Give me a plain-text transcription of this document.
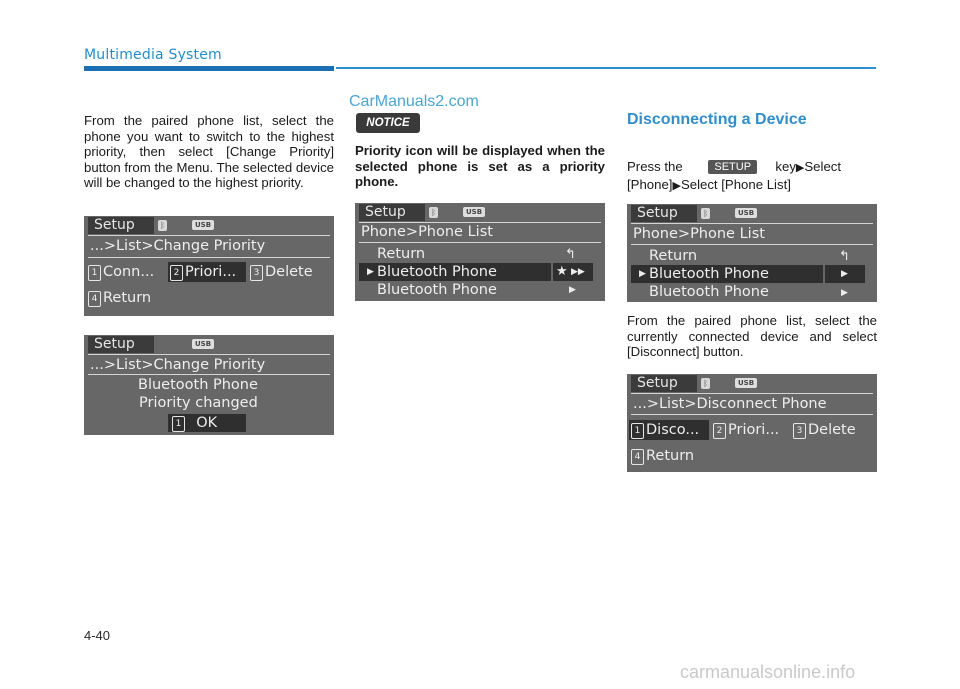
Multimedia System
CarManuals2.com
From the paired phone list, select the phone you want to switch to the highest priority, then select [Change Priority] button from the Menu. The selected device will be changed to the highest priority.
Setup	ᛒ	USB
...>List>Change Priority
1 Conn...	2 Priori...	3 Delete
4 Return
Setup	USB
...>List>Change Priority
Bluetooth Phone
Priority changed
1 OK
NOTICE
Priority icon will be displayed when the selected phone is set as a priority phone.
Setup	ᛒ	USB
Phone>Phone List
Return	↰
▶ Bluetooth Phone	★ ▶▶
Bluetooth Phone	▶
Disconnecting a Device
Press the	SETUP key▶Select
[Phone]▶Select [Phone List]
Setup	ᛒ	USB
Phone>Phone List
Return	↰
▶ Bluetooth Phone	▶
Bluetooth Phone	▶
From the paired phone list, select the currently connected device and select [Disconnect] button.
Setup	ᛒ	USB
...>List>Disconnect Phone
1 Disco...	2 Priori...	3 Delete
4 Return
4-40
carmanualsonline.info
